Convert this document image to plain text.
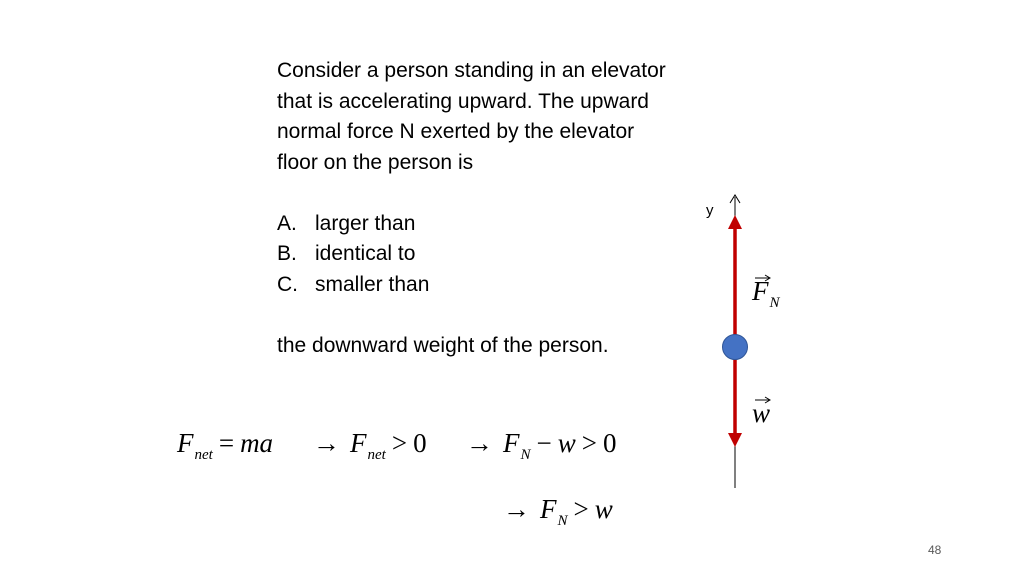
Consider a person standing in an elevator

that is accelerating upward. The upward

normal force N exerted by the elevator

floor on the person is

A. larger than
B. identical to
C. smaller than

the downward weight of the person.

y
$F_N$
w
$F_{net}$ = ma → $F_{net} > 0 \to F_N - w > 0$
→ $F_N > w$
48
